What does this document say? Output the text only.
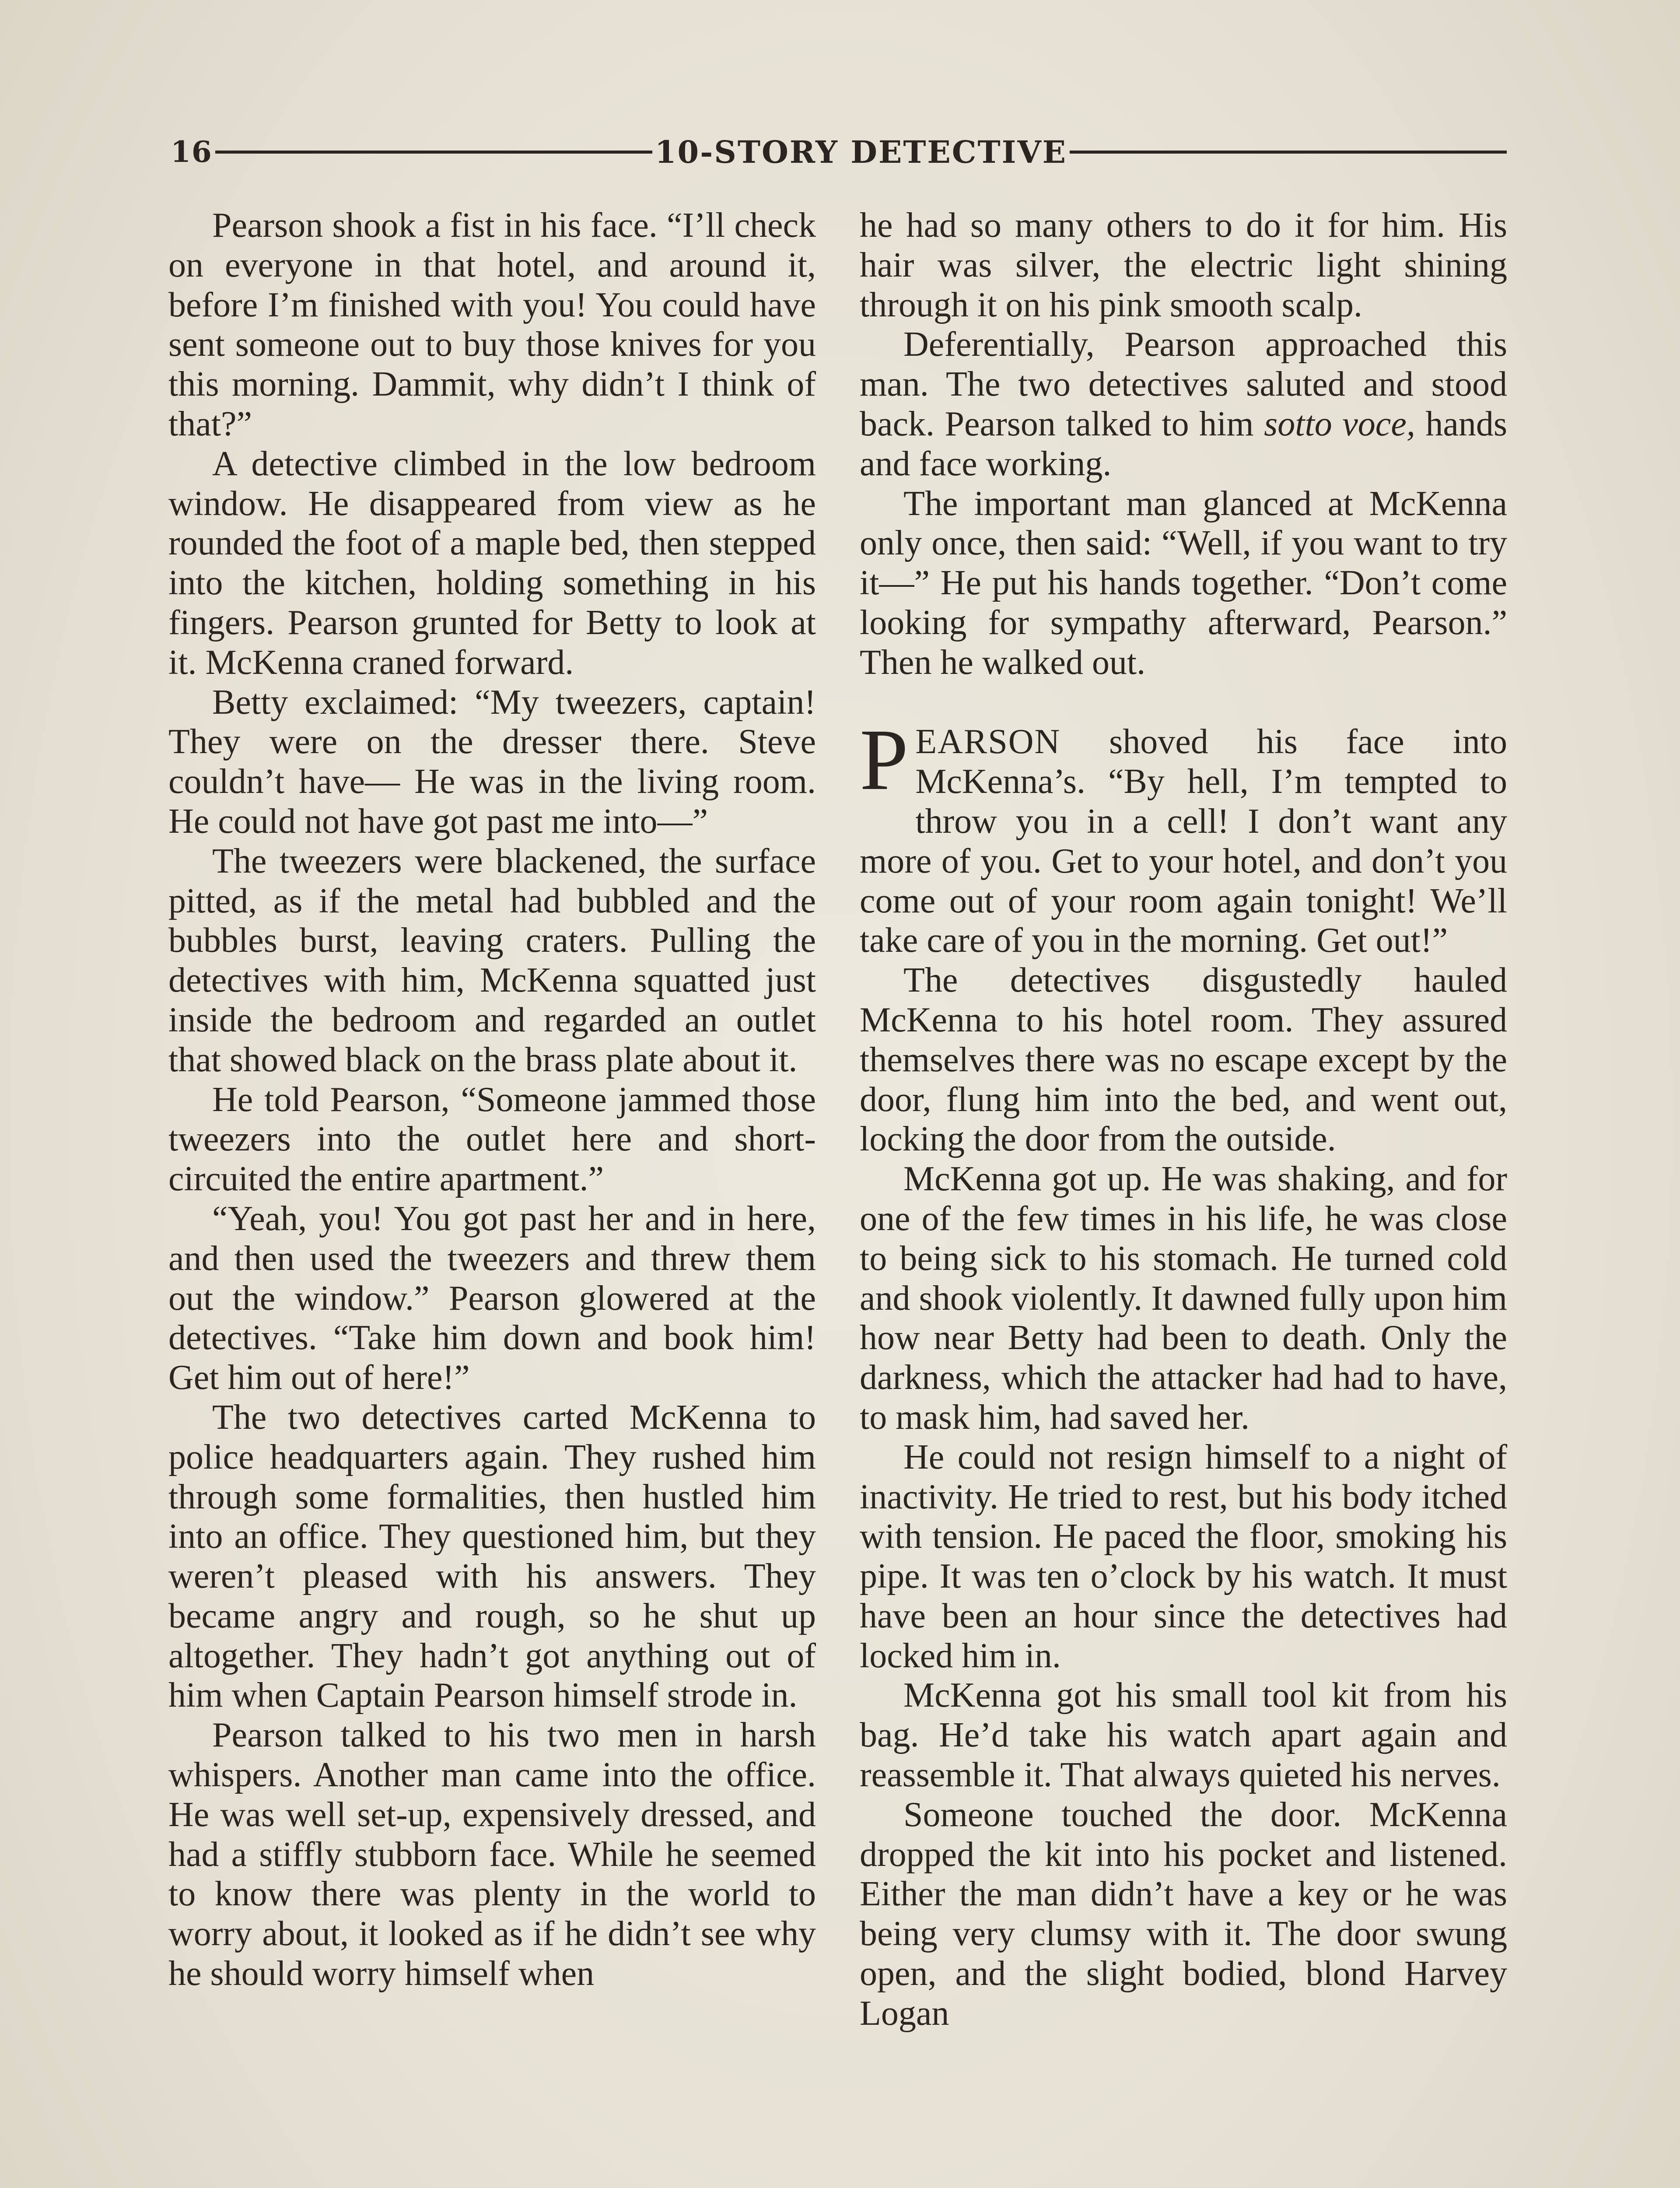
16	10-STORY DETECTIVE

Pearson shook a fist in his face. “I’ll check on everyone in that hotel, and around it, before I’m finished with you! You could have sent someone out to buy those knives for you this morning. Dammit, why didn’t I think of that?”

A detective climbed in the low bedroom window. He disappeared from view as he rounded the foot of a maple bed, then stepped into the kitchen, holding something in his fingers. Pearson grunted for Betty to look at it. McKenna craned forward.

Betty exclaimed: “My tweezers, captain! They were on the dresser there. Steve couldn’t have— He was in the living room. He could not have got past me into—”

The tweezers were blackened, the surface pitted, as if the metal had bubbled and the bubbles burst, leaving craters. Pulling the detectives with him, McKenna squatted just inside the bedroom and regarded an outlet that showed black on the brass plate about it.

He told Pearson, “Someone jammed those tweezers into the outlet here and short-circuited the entire apartment.”

“Yeah, you! You got past her and in here, and then used the tweezers and threw them out the window.” Pearson glowered at the detectives. “Take him down and book him! Get him out of here!”

The two detectives carted McKenna to police headquarters again. They rushed him through some formalities, then hustled him into an office. They questioned him, but they weren’t pleased with his answers. They became angry and rough, so he shut up altogether. They hadn’t got anything out of him when Captain Pearson himself strode in.

Pearson talked to his two men in harsh whispers. Another man came into the office. He was well set-up, expensively dressed, and had a stiffly stubborn face. While he seemed to know there was plenty in the world to worry about, it looked as if he didn’t see why he should worry himself when

he had so many others to do it for him. His hair was silver, the electric light shining through it on his pink smooth scalp.

Deferentially, Pearson approached this man. The two detectives saluted and stood back. Pearson talked to him sotto voce, hands and face working.

The important man glanced at McKenna only once, then said: “Well, if you want to try it—” He put his hands together. “Don’t come looking for sympathy afterward, Pearson.” Then he walked out.

PEARSON shoved his face into McKenna’s. “By hell, I’m tempted to throw you in a cell! I don’t want any more of you. Get to your hotel, and don’t you come out of your room again tonight! We’ll take care of you in the morning. Get out!”

The detectives disgustedly hauled McKenna to his hotel room. They assured themselves there was no escape except by the door, flung him into the bed, and went out, locking the door from the outside.

McKenna got up. He was shaking, and for one of the few times in his life, he was close to being sick to his stomach. He turned cold and shook violently. It dawned fully upon him how near Betty had been to death. Only the darkness, which the attacker had had to have, to mask him, had saved her.

He could not resign himself to a night of inactivity. He tried to rest, but his body itched with tension. He paced the floor, smoking his pipe. It was ten o’clock by his watch. It must have been an hour since the detectives had locked him in.

McKenna got his small tool kit from his bag. He’d take his watch apart again and reassemble it. That always quieted his nerves.

Someone touched the door. McKenna dropped the kit into his pocket and listened. Either the man didn’t have a key or he was being very clumsy with it. The door swung open, and the slight bodied, blond Harvey Logan
